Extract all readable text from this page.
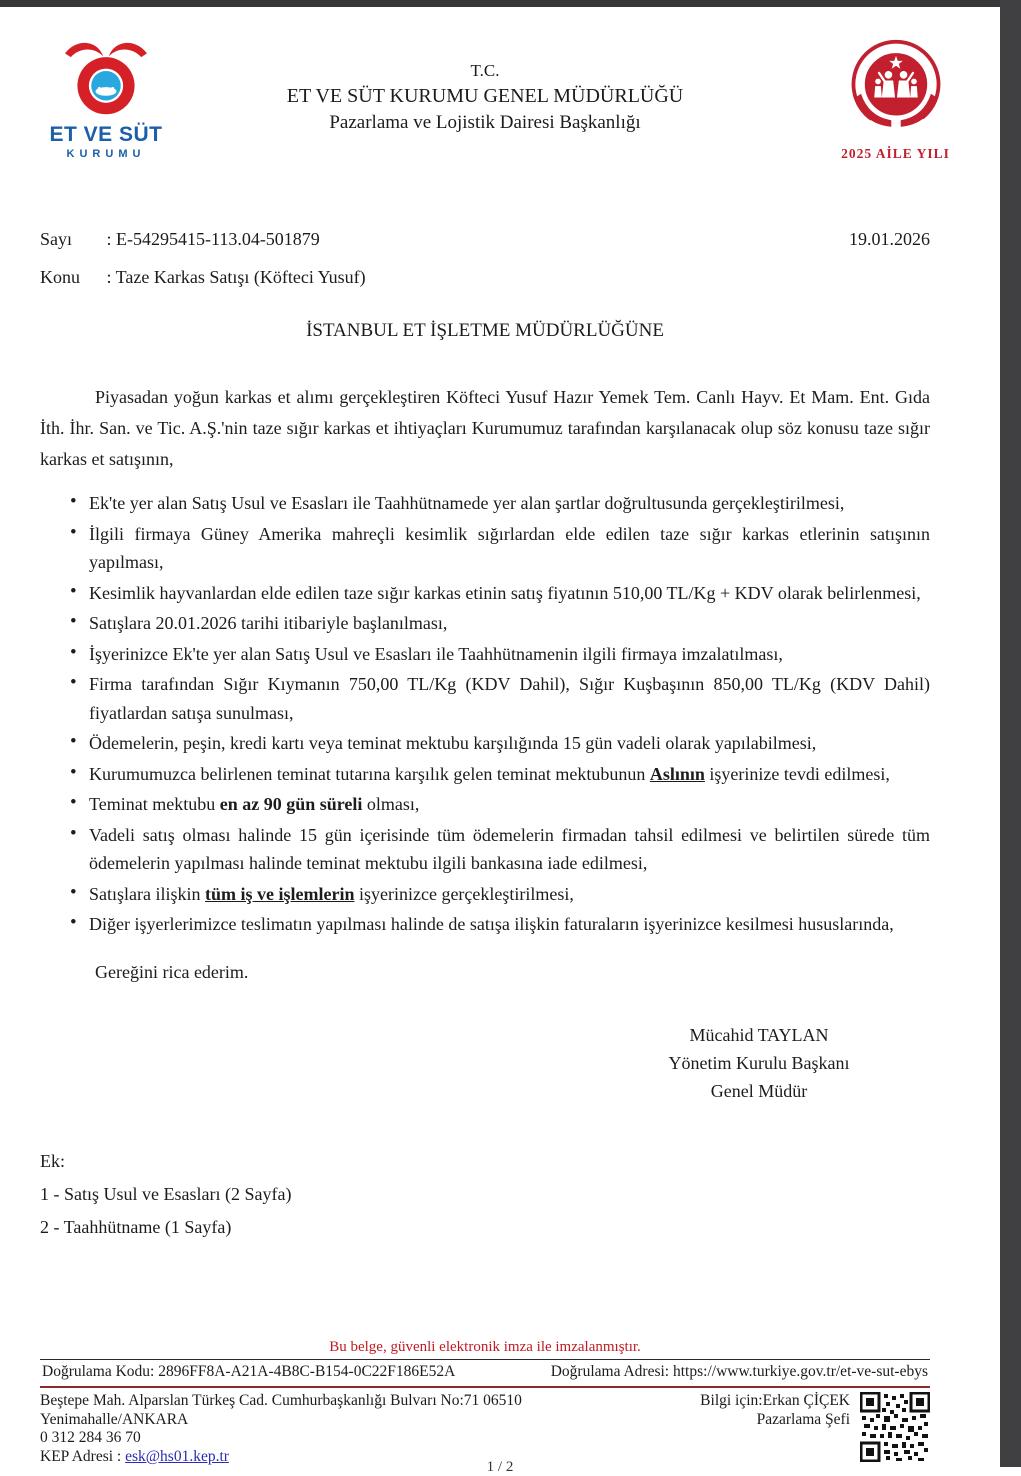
ET VE SÜT
KURUMU
T.C.
ET VE SÜT KURUMU GENEL MÜDÜRLÜĞÜ
Pazarlama ve Lojistik Dairesi Başkanlığı
2025 AİLE YILI
Sayı : E-54295415-113.04-501879	19.01.2026
Konu : Taze Karkas Satışı (Köfteci Yusuf)
İSTANBUL ET İŞLETME MÜDÜRLÜĞÜNE

Piyasadan yoğun karkas et alımı gerçekleştiren Köfteci Yusuf Hazır Yemek Tem. Canlı Hayv. Et Mam. Ent. Gıda İth. İhr. San. ve Tic. A.Ş.'nin taze sığır karkas et ihtiyaçları Kurumumuz tarafından karşılanacak olup söz konusu taze sığır karkas et satışının,

• Ek'te yer alan Satış Usul ve Esasları ile Taahhütnamede yer alan şartlar doğrultusunda gerçekleştirilmesi,
• İlgili firmaya Güney Amerika mahreçli kesimlik sığırlardan elde edilen taze sığır karkas etlerinin satışının yapılması,
• Kesimlik hayvanlardan elde edilen taze sığır karkas etinin satış fiyatının 510,00 TL/Kg + KDV olarak belirlenmesi,
• Satışlara 20.01.2026 tarihi itibariyle başlanılması,
• İşyerinizce Ek'te yer alan Satış Usul ve Esasları ile Taahhütnamenin ilgili firmaya imzalatılması,
• Firma tarafından Sığır Kıymanın 750,00 TL/Kg (KDV Dahil), Sığır Kuşbaşının 850,00 TL/Kg (KDV Dahil) fiyatlardan satışa sunulması,
• Ödemelerin, peşin, kredi kartı veya teminat mektubu karşılığında 15 gün vadeli olarak yapılabilmesi,
• Kurumumuzca belirlenen teminat tutarına karşılık gelen teminat mektubunun Aslının işyerinize tevdi edilmesi,
• Teminat mektubu en az 90 gün süreli olması,
• Vadeli satış olması halinde 15 gün içerisinde tüm ödemelerin firmadan tahsil edilmesi ve belirtilen sürede tüm ödemelerin yapılması halinde teminat mektubu ilgili bankasına iade edilmesi,
• Satışlara ilişkin tüm iş ve işlemlerin işyerinizce gerçekleştirilmesi,
• Diğer işyerlerimizce teslimatın yapılması halinde de satışa ilişkin faturaların işyerinizce kesilmesi hususlarında,

Gereğini rica ederim.

Mücahid TAYLAN
Yönetim Kurulu Başkanı
Genel Müdür
Ek:
1 - Satış Usul ve Esasları (2 Sayfa)
2 - Taahhütname (1 Sayfa)
Bu belge, güvenli elektronik imza ile imzalanmıştır.
Doğrulama Kodu: 2896FF8A-A21A-4B8C-B154-0C22F186E52A	Doğrulama Adresi: https://www.turkiye.gov.tr/et-ve-sut-ebys
Beştepe Mah. Alparslan Türkeş Cad. Cumhurbaşkanlığı Bulvarı No:71 06510
Yenimahalle/ANKARA
0 312 284 36 70
KEP Adresi : esk@hs01.kep.tr
Bilgi için:Erkan ÇİÇEK
Pazarlama Şefi
1 / 2
